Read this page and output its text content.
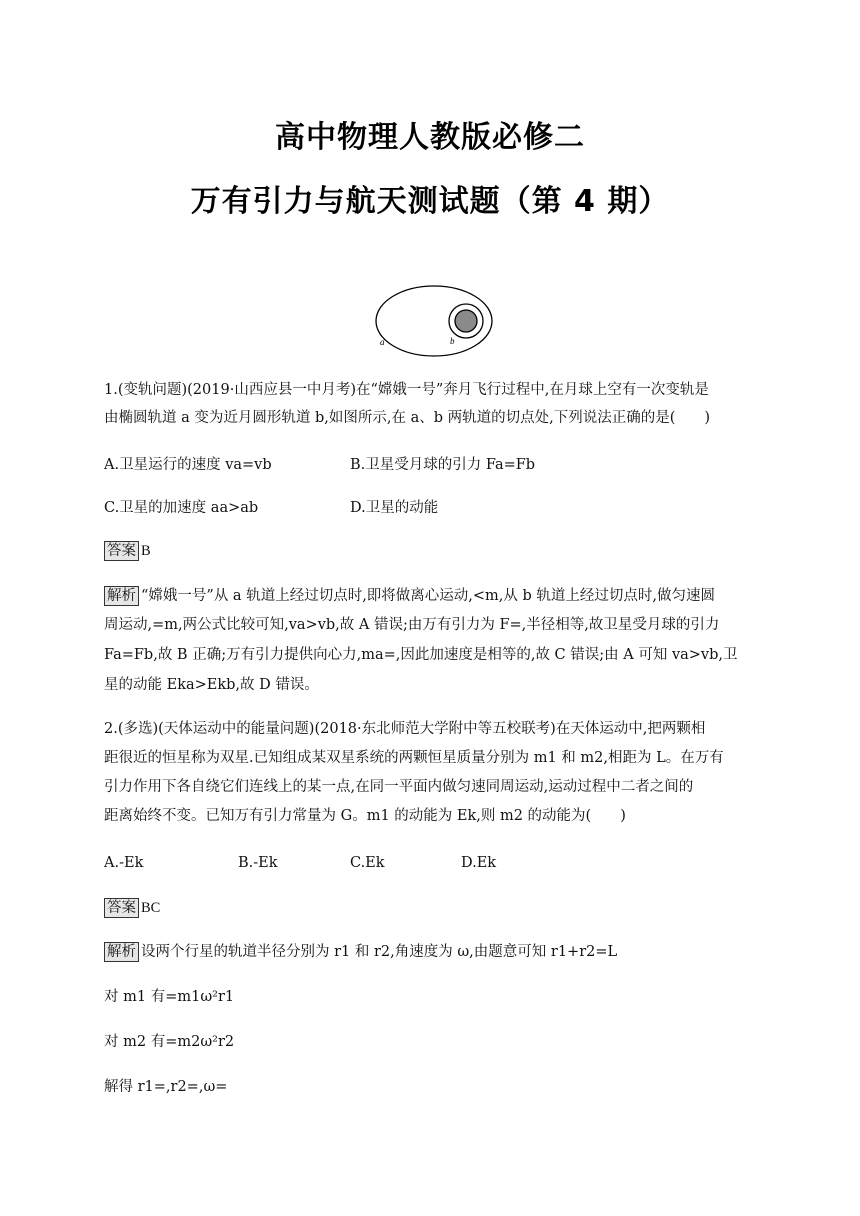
高中物理人教版必修二
万有引力与航天测试题（第 4 期）
a	b
1.(变轨问题)(2019·山西应县一中月考)在“嫦娥一号”奔月飞行过程中,在月球上空有一次变轨是
由椭圆轨道 a 变为近月圆形轨道 b,如图所示,在 a、b 两轨道的切点处,下列说法正确的是(　　)
A.卫星运行的速度 va=vb	B.卫星受月球的引力 Fa=Fb
C.卫星的加速度 aa>ab	D.卫星的动能
答案 B
解析 “嫦娥一号”从 a 轨道上经过切点时,即将做离心运动,<m,从 b 轨道上经过切点时,做匀速圆
周运动,=m,两公式比较可知,va>vb,故 A 错误;由万有引力为 F=,半径相等,故卫星受月球的引力
Fa=Fb,故 B 正确;万有引力提供向心力,ma=,因此加速度是相等的,故 C 错误;由 A 可知 va>vb,卫
星的动能 Eka>Ekb,故 D 错误。
2.(多选)(天体运动中的能量问题)(2018·东北师范大学附中等五校联考)在天体运动中,把两颗相
距很近的恒星称为双星.已知组成某双星系统的两颗恒星质量分别为 m1 和 m2,相距为 L。在万有
引力作用下各自绕它们连线上的某一点,在同一平面内做匀速同周运动,运动过程中二者之间的
距离始终不变。已知万有引力常量为 G。m1 的动能为 Ek,则 m2 的动能为(　　)
A.-Ek	B.-Ek	C.Ek	D.Ek
答案 BC
解析 设两个行星的轨道半径分别为 r1 和 r2,角速度为 ω,由题意可知 r1+r2=L
对 m1 有=m1ω²r1
对 m2 有=m2ω²r2
解得 r1=,r2=,ω=
